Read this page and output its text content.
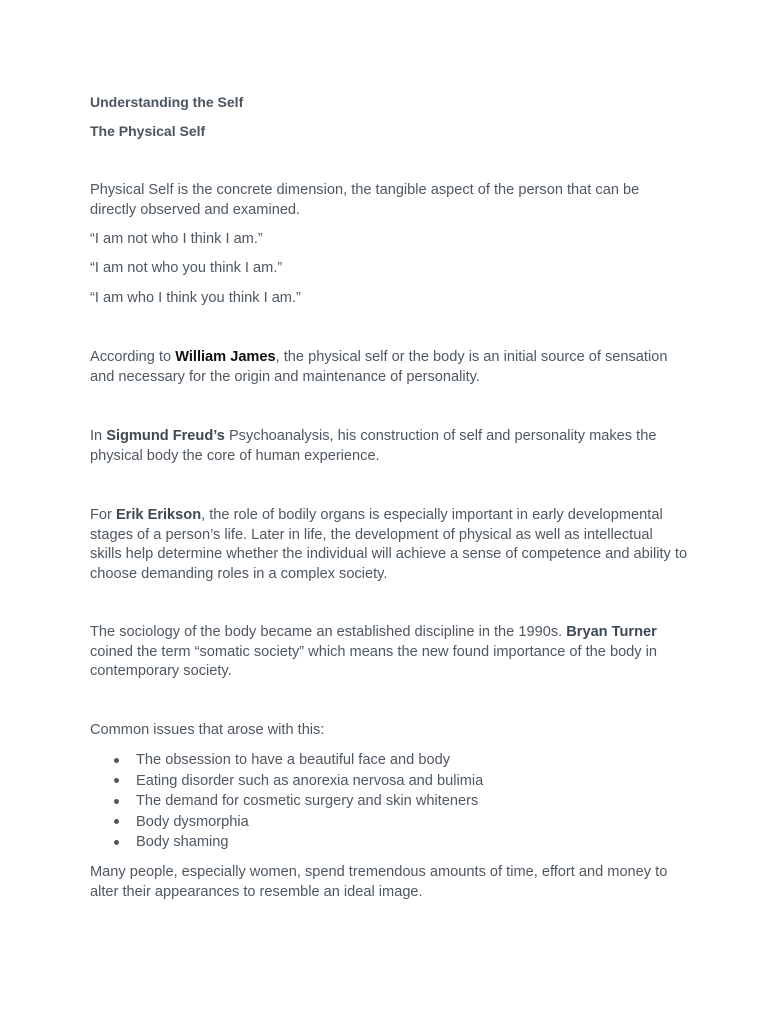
Understanding the Self
The Physical Self
Physical Self is the concrete dimension, the tangible aspect of the person that can be directly observed and examined.
“I am not who I think I am.”
“I am not who you think I am.”
“I am who I think you think I am.”
According to William James, the physical self or the body is an initial source of sensation and necessary for the origin and maintenance of personality.
In Sigmund Freud’s Psychoanalysis, his construction of self and personality makes the physical body the core of human experience.
For Erik Erikson, the role of bodily organs is especially important in early developmental stages of a person’s life. Later in life, the development of physical as well as intellectual skills help determine whether the individual will achieve a sense of competence and ability to choose demanding roles in a complex society.
The sociology of the body became an established discipline in the 1990s. Bryan Turner coined the term “somatic society” which means the new found importance of the body in contemporary society.
Common issues that arose with this:
The obsession to have a beautiful face and body
Eating disorder such as anorexia nervosa and bulimia
The demand for cosmetic surgery and skin whiteners
Body dysmorphia
Body shaming
Many people, especially women, spend tremendous amounts of time, effort and money to alter their appearances to resemble an ideal image.
